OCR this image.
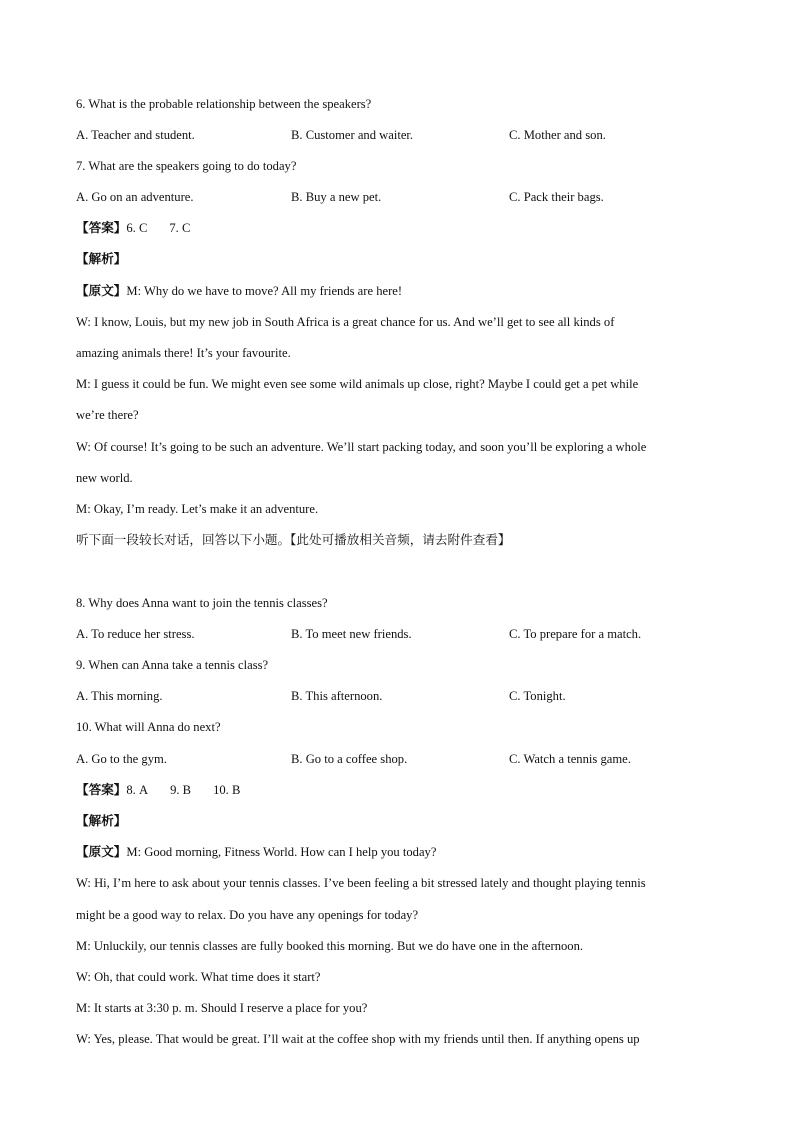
6. What is the probable relationship between the speakers?
A. Teacher and student.	B. Customer and waiter.	C. Mother and son.
7. What are the speakers going to do today?
A. Go on an adventure.	B. Buy a new pet.	C. Pack their bags.
【答案】6. C 7. C
【解析】
【原文】M: Why do we have to move? All my friends are here!
W: I know, Louis, but my new job in South Africa is a great chance for us. And we’ll get to see all kinds of
amazing animals there! It’s your favourite.
M: I guess it could be fun. We might even see some wild animals up close, right? Maybe I could get a pet while
we’re there?
W: Of course! It’s going to be such an adventure. We’ll start packing today, and soon you’ll be exploring a whole
new world.
M: Okay, I’m ready. Let’s make it an adventure.
听下面一段较长对话，回答以下小题。【此处可播放相关音频，请去附件查看】
8. Why does Anna want to join the tennis classes?
A. To reduce her stress.	B. To meet new friends.	C. To prepare for a match.
9. When can Anna take a tennis class?
A. This morning.	B. This afternoon.	C. Tonight.
10. What will Anna do next?
A. Go to the gym.	B. Go to a coffee shop.	C. Watch a tennis game.
【答案】8. A 9. B 10. B
【解析】
【原文】M: Good morning, Fitness World. How can I help you today?
W: Hi, I’m here to ask about your tennis classes. I’ve been feeling a bit stressed lately and thought playing tennis
might be a good way to relax. Do you have any openings for today?
M: Unluckily, our tennis classes are fully booked this morning. But we do have one in the afternoon.
W: Oh, that could work. What time does it start?
M: It starts at 3:30 p. m. Should I reserve a place for you?
W: Yes, please. That would be great. I’ll wait at the coffee shop with my friends until then. If anything opens up
